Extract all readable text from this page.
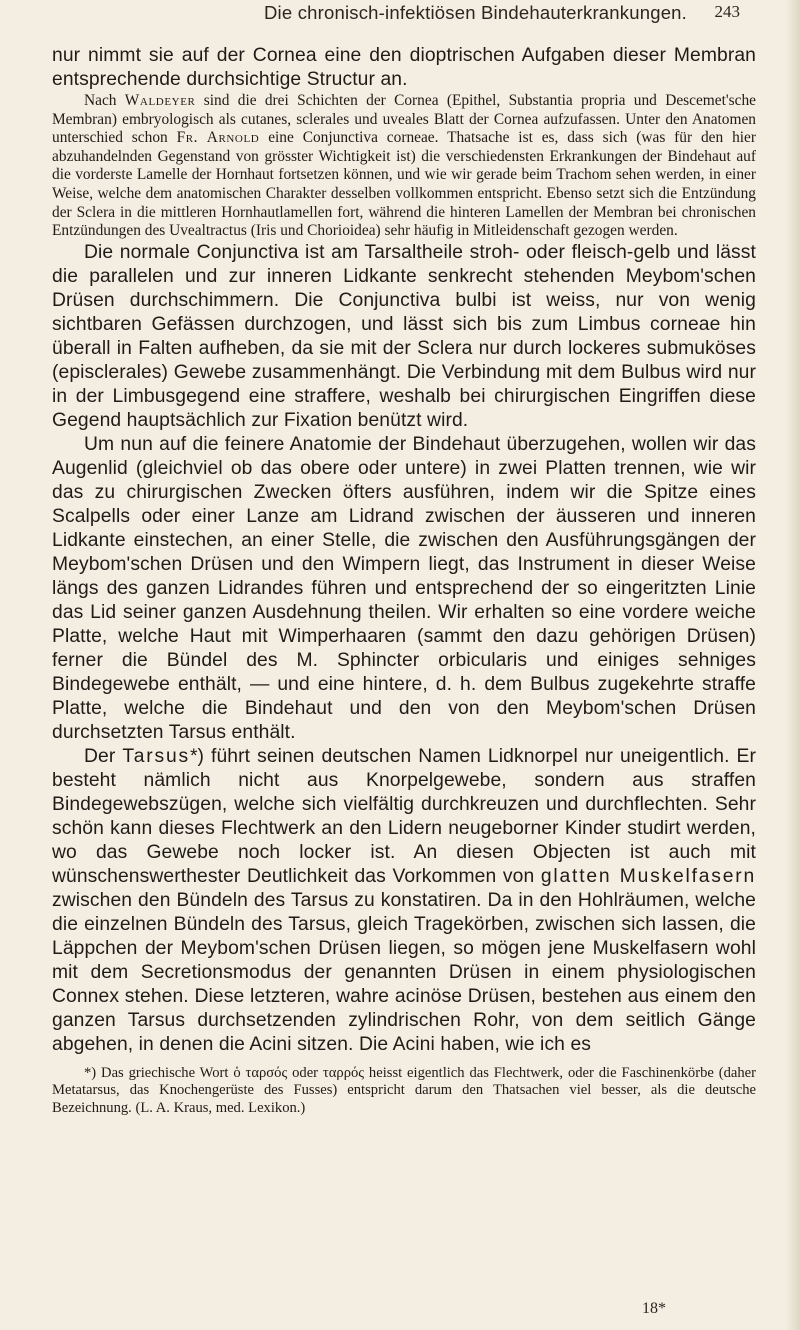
Die chronisch-infektiösen Bindehauterkrankungen. 243

nur nimmt sie auf der Cornea eine den dioptrischen Aufgaben dieser Membran entsprechende durchsichtige Structur an.

Nach Waldeyer sind die drei Schichten der Cornea (Epithel, Substantia propria und Descemet'sche Membran) embryologisch als cutanes, sclerales und uveales Blatt der Cornea aufzufassen. Unter den Anatomen unterschied schon Fr. Arnold eine Conjunctiva corneae. Thatsache ist es, dass sich (was für den hier abzuhandelnden Gegenstand von grösster Wichtigkeit ist) die verschiedensten Erkrankungen der Bindehaut auf die vorderste Lamelle der Hornhaut fortsetzen können, und wie wir gerade beim Trachom sehen werden, in einer Weise, welche dem anatomischen Charakter desselben vollkommen entspricht. Ebenso setzt sich die Entzündung der Sclera in die mittleren Hornhautlamellen fort, während die hinteren Lamellen der Membran bei chronischen Entzündungen des Uvealtractus (Iris und Chorioidea) sehr häufig in Mitleidenschaft gezogen werden.

Die normale Conjunctiva ist am Tarsaltheile stroh- oder fleisch-gelb und lässt die parallelen und zur inneren Lidkante senkrecht stehenden Meybom'schen Drüsen durchschimmern. Die Conjunctiva bulbi ist weiss, nur von wenig sichtbaren Gefässen durchzogen, und lässt sich bis zum Limbus corneae hin überall in Falten aufheben, da sie mit der Sclera nur durch lockeres submuköses (episclerales) Gewebe zusammenhängt. Die Verbindung mit dem Bulbus wird nur in der Limbusgegend eine straffere, weshalb bei chirurgischen Eingriffen diese Gegend hauptsächlich zur Fixation benützt wird.

Um nun auf die feinere Anatomie der Bindehaut überzugehen, wollen wir das Augenlid (gleichviel ob das obere oder untere) in zwei Platten trennen, wie wir das zu chirurgischen Zwecken öfters ausführen, indem wir die Spitze eines Scalpells oder einer Lanze am Lidrand zwischen der äusseren und inneren Lidkante einstechen, an einer Stelle, die zwischen den Ausführungsgängen der Meybom'schen Drüsen und den Wimpern liegt, das Instrument in dieser Weise längs des ganzen Lidrandes führen und entsprechend der so eingeritzten Linie das Lid seiner ganzen Ausdehnung theilen. Wir erhalten so eine vordere weiche Platte, welche Haut mit Wimperhaaren (sammt den dazu gehörigen Drüsen) ferner die Bündel des M. Sphincter orbicularis und einiges sehniges Bindegewebe enthält, — und eine hintere, d. h. dem Bulbus zugekehrte straffe Platte, welche die Bindehaut und den von den Meybom'schen Drüsen durchsetzten Tarsus enthält.

Der Tarsus*) führt seinen deutschen Namen Lidknorpel nur uneigentlich. Er besteht nämlich nicht aus Knorpelgewebe, sondern aus straffen Bindegewebszügen, welche sich vielfältig durchkreuzen und durchflechten. Sehr schön kann dieses Flechtwerk an den Lidern neugeborner Kinder studirt werden, wo das Gewebe noch locker ist. An diesen Objecten ist auch mit wünschenswerthester Deutlichkeit das Vorkommen von glatten Muskelfasern zwischen den Bündeln des Tarsus zu konstatiren. Da in den Hohlräumen, welche die einzelnen Bündeln des Tarsus, gleich Tragekörben, zwischen sich lassen, die Läppchen der Meybom'schen Drüsen liegen, so mögen jene Muskelfasern wohl mit dem Secretionsmodus der genannten Drüsen in einem physiologischen Connex stehen. Diese letzteren, wahre acinöse Drüsen, bestehen aus einem den ganzen Tarsus durchsetzenden zylindrischen Rohr, von dem seitlich Gänge abgehen, in denen die Acini sitzen. Die Acini haben, wie ich es

*) Das griechische Wort ὁ ταρσός oder ταρρός heisst eigentlich das Flechtwerk, oder die Faschinenkörbe (daher Metatarsus, das Knochengerüste des Fusses) entspricht darum den Thatsachen viel besser, als die deutsche Bezeichnung. (L. A. Kraus, med. Lexikon.)

18*
